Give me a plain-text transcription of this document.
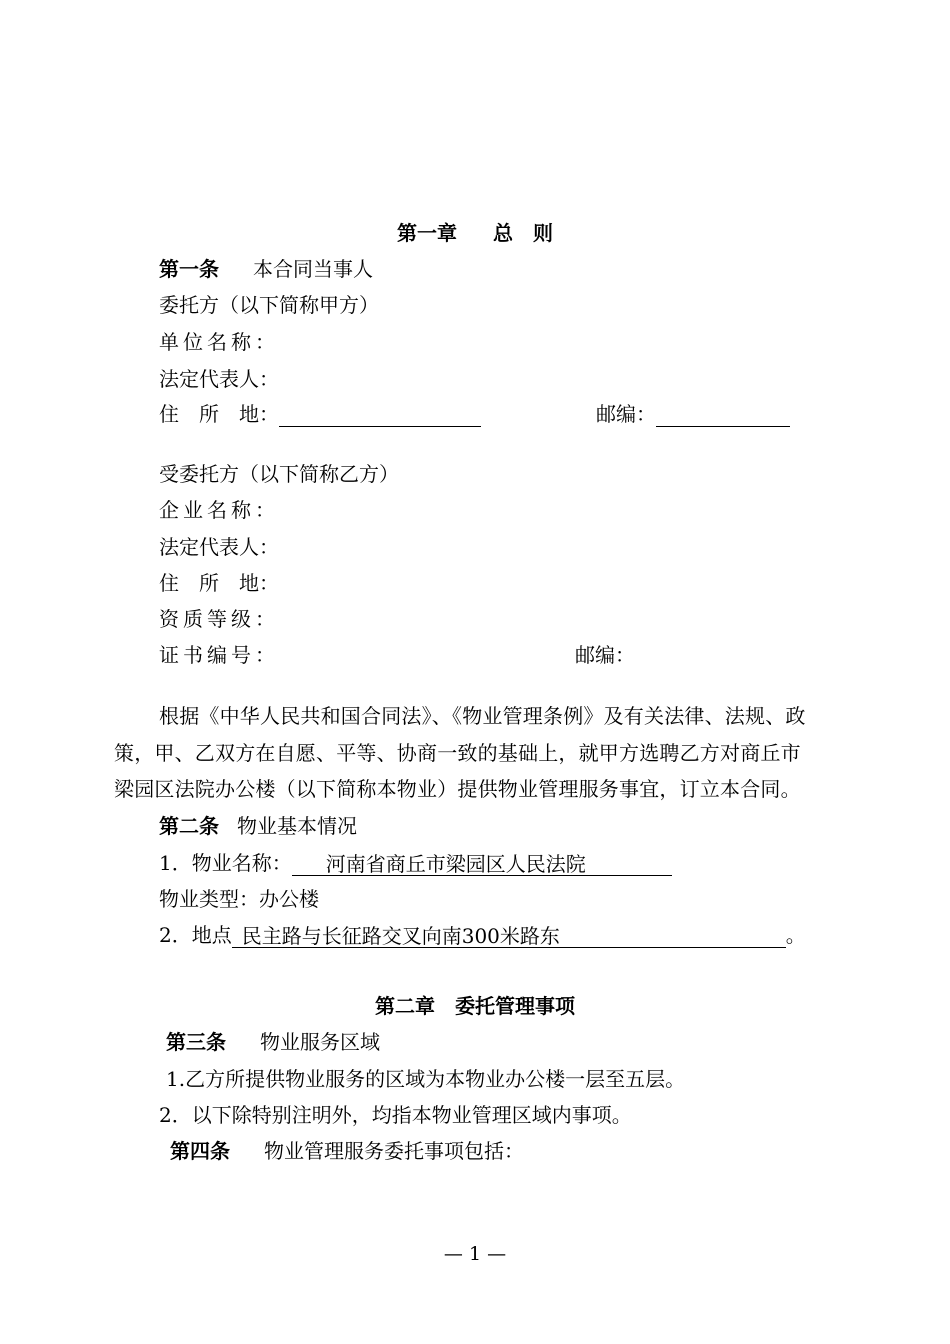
第一章 总　则
第一条 本合同当事人
委托方（以下简称甲方）
单位名称：
法定代表人：
住　所　地：	邮编：
受委托方（以下简称乙方）
企业名称：
法定代表人：
住　所　地：
资质等级：
证书编号：	邮编：
根据《中华人民共和国合同法》、《物业管理条例》及有关法律、法规、政
策，甲、乙双方在自愿、平等、协商一致的基础上，就甲方选聘乙方对商丘市
梁园区法院办公楼（以下简称本物业）提供物业管理服务事宜，订立本合同。
第二条 物业基本情况
1．物业名称： 河南省商丘市梁园区人民法院
物业类型：办公楼
2．地点 民主路与长征路交叉向南300米路东	。
第二章　委托管理事项
第三条 物业服务区域
1.乙方所提供物业服务的区域为本物业办公楼一层至五层。
2．以下除特别注明外，均指本物业管理区域内事项。
第四条 物业管理服务委托事项包括：
— 1 —
